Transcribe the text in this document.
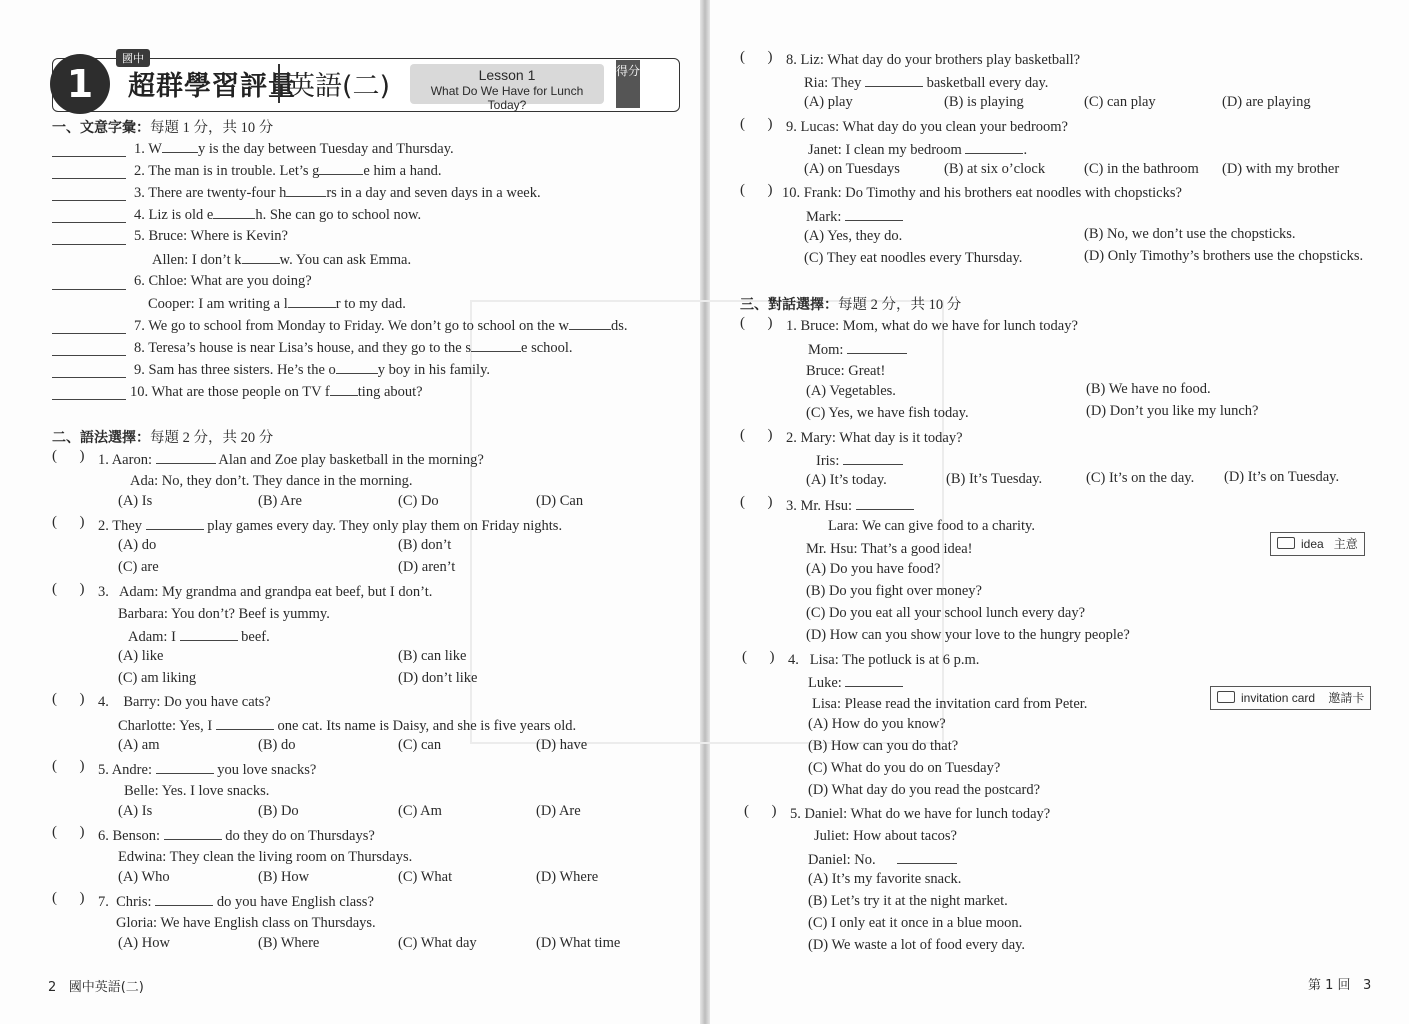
1
國中
超群學習評量
英語(二)	Lesson 1
What Do We Have for Lunch Today?
得分
一、文意字彙：每題 1 分，共 10 分
1. W y is the day between Tuesday and Thursday.
2. The man is in trouble. Let’s g	e him a hand.
3. There are twenty-four h	rs in a day and seven days in a week.
4. Liz is old e	h. She can go to school now.
5. Bruce: Where is Kevin?
Allen: I don’t k	w. You can ask Emma.
6. Chloe: What are you doing?
Cooper: I am writing a l	r to my dad.
7. We go to school from Monday to Friday. We don’t go to school on the w	ds.
8. Teresa’s house is near Lisa’s house, and they go to the s	e school.
9. Sam has three sisters. He’s the o	y boy in his family.
10. What are those people on TV f ting about?
二、語法選擇：每題 2 分，共 20 分
(      ) 1. Aaron:	Alan and Zoe play basketball in the morning?
Ada: No, they don’t. They dance in the morning.
(A) Is	(B) Are	(C) Do	(D) Can
(      ) 2. They	play games every day. They only play them on Friday nights.
(A) do	(B) don’t
(C) are	(D) aren’t
(      ) 3. Adam: My grandma and grandpa eat beef, but I don’t.
Barbara: You don’t? Beef is yummy.
Adam: I	beef.
(A) like	(B) can like
(C) am liking	(D) don’t like
(      ) 4. Barry: Do you have cats?
Charlotte: Yes, I	one cat. Its name is Daisy, and she is five years old.
(A) am	(B) do	(C) can	(D) have
(      ) 5. Andre:	you love snacks?
Belle: Yes. I love snacks.
(A) Is	(B) Do	(C) Am	(D) Are
(      ) 6. Benson:	do they do on Thursdays?
Edwina: They clean the living room on Thursdays.
(A) Who	(B) How	(C) What	(D) Where
(      ) 7. Chris:	do you have English class?
Gloria: We have English class on Thursdays.
(A) How	(B) Where	(C) What day	(D) What time
(      ) 8. Liz: What day do your brothers play basketball?
Ria: They	basketball every day.
(A) play	(B) is playing	(C) can play	(D) are playing
(      ) 9. Lucas: What day do you clean your bedroom?
Janet: I clean my bedroom	.
(A) on Tuesdays	(B) at six o’clock	(C) in the bathroom (D) with my brother
(      ) 10. Frank: Do Timothy and his brothers eat noodles with chopsticks?
Mark:
(A) Yes, they do.	(B) No, we don’t use the chopsticks.
(C) They eat noodles every Thursday.	(D) Only Timothy’s brothers use the chopsticks.
三、對話選擇：每題 2 分，共 10 分
(      ) 1. Bruce: Mom, what do we have for lunch today?
Mom:
Bruce: Great!
(A) Vegetables.	(B) We have no food.
(C) Yes, we have fish today.	(D) Don’t you like my lunch?
(      ) 2. Mary: What day is it today?
Iris:
(A) It’s today.	(B) It’s Tuesday.	(C) It’s on the day. (D) It’s on Tuesday.
(      ) 3. Mr. Hsu:
Lara: We can give food to a charity.
Mr. Hsu: That’s a good idea!
(A) Do you have food?
(B) Do you fight over money?
(C) Do you eat all your school lunch every day?
(D) How can you show your love to the hungry people?
idea 主意
(      ) 4. Lisa: The potluck is at 6 p.m.
Luke:
Lisa: Please read the invitation card from Peter.
(A) How do you know?
(B) How can you do that?
(C) What do you do on Tuesday?
(D) What day do you read the postcard?
invitation card 邀請卡
(      ) 5. Daniel: What do we have for lunch today?
Juliet: How about tacos?
Daniel: No.
(A) It’s my favorite snack.
(B) Let’s try it at the night market.
(C) I only eat it once in a blue moon.
(D) We waste a lot of food every day.
2 國中英語(二)	第 1 回 3
